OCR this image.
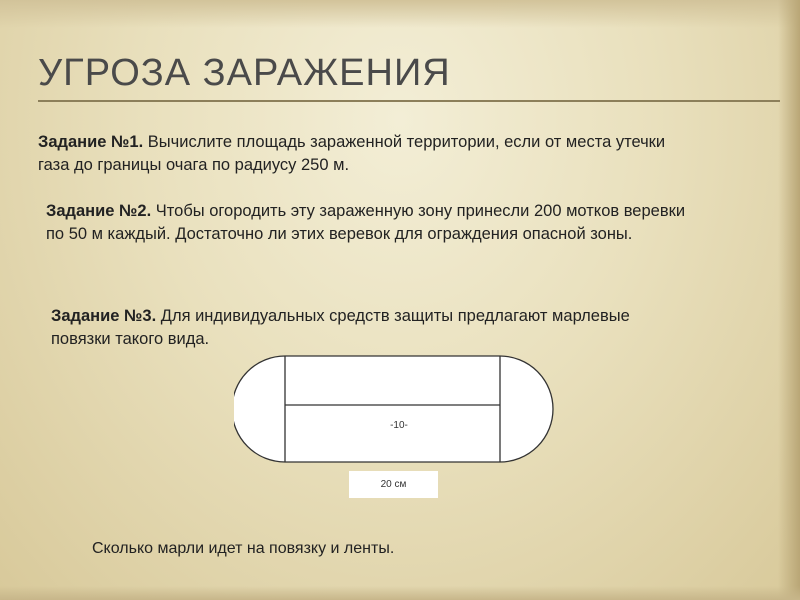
УГРОЗА ЗАРАЖЕНИЯ
Задание №1. Вычислите площадь зараженной территории, если от места утечки газа до границы очага по радиусу 250 м.
Задание №2. Чтобы огородить эту зараженную зону принесли 200 мотков веревки по 50 м каждый. Достаточно ли этих веревок для ограждения опасной зоны.
Задание №3. Для индивидуальных средств защиты предлагают марлевые повязки такого вида.
-10-
20 см
Сколько марли идет на повязку и ленты.
